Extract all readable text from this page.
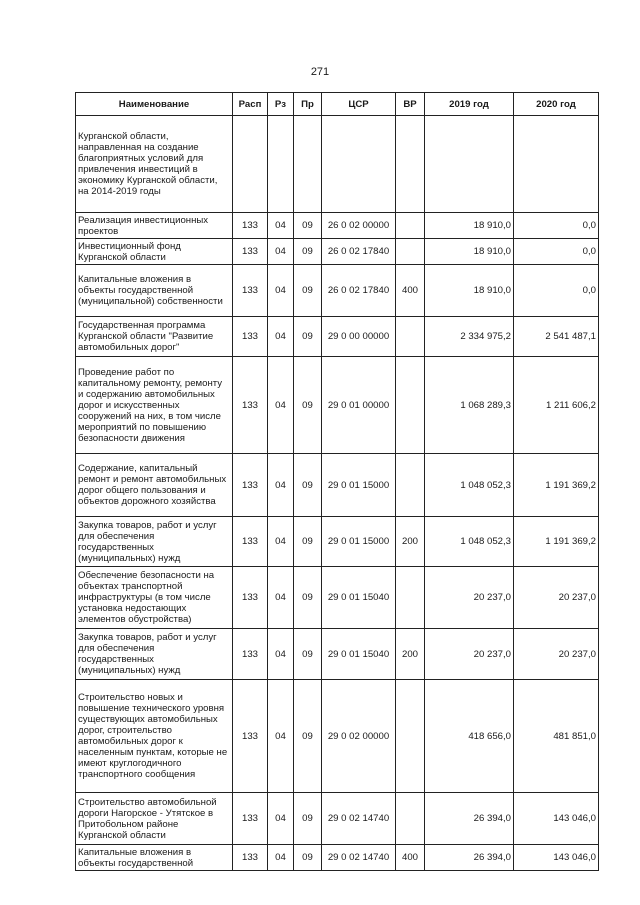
271
Наименование	Расп	Рз	Пр	ЦСР	ВР	2019 год	2020 год
Курганской области, направленная на создание благоприятных условий для привлечения инвестиций в экономику Курганской области, на 2014-2019 годы							
Реализация инвестиционных проектов	133	04	09	26 0 02 00000		18 910,0	0,0
Инвестиционный фонд Курганской области	133	04	09	26 0 02 17840		18 910,0	0,0
Капитальные вложения в объекты государственной (муниципальной) собственности	133	04	09	26 0 02 17840	400	18 910,0	0,0
Государственная программа Курганской области "Развитие автомобильных дорог"	133	04	09	29 0 00 00000		2 334 975,2	2 541 487,1
Проведение работ по капитальному ремонту, ремонту и содержанию автомобильных дорог и искусственных сооружений на них, в том числе мероприятий по повышению безопасности движения	133	04	09	29 0 01 00000		1 068 289,3	1 211 606,2
Содержание, капитальный ремонт и ремонт автомобильных дорог общего пользования и объектов дорожного хозяйства	133	04	09	29 0 01 15000		1 048 052,3	1 191 369,2
Закупка товаров, работ и услуг для обеспечения государственных (муниципальных) нужд	133	04	09	29 0 01 15000	200	1 048 052,3	1 191 369,2
Обеспечение безопасности на объектах транспортной инфраструктуры (в том числе установка недостающих элементов обустройства)	133	04	09	29 0 01 15040		20 237,0	20 237,0
Закупка товаров, работ и услуг для обеспечения государственных (муниципальных) нужд	133	04	09	29 0 01 15040	200	20 237,0	20 237,0
Строительство новых и повышение технического уровня существующих автомобильных дорог, строительство автомобильных дорог к населенным пунктам, которые не имеют круглогодичного транспортного сообщения	133	04	09	29 0 02 00000		418 656,0	481 851,0
Строительство автомобильной дороги Нагорское - Утятское в Притобольном районе Курганской области	133	04	09	29 0 02 14740		26 394,0	143 046,0
Капитальные вложения в объекты государственной	133	04	09	29 0 02 14740	400	26 394,0	143 046,0
